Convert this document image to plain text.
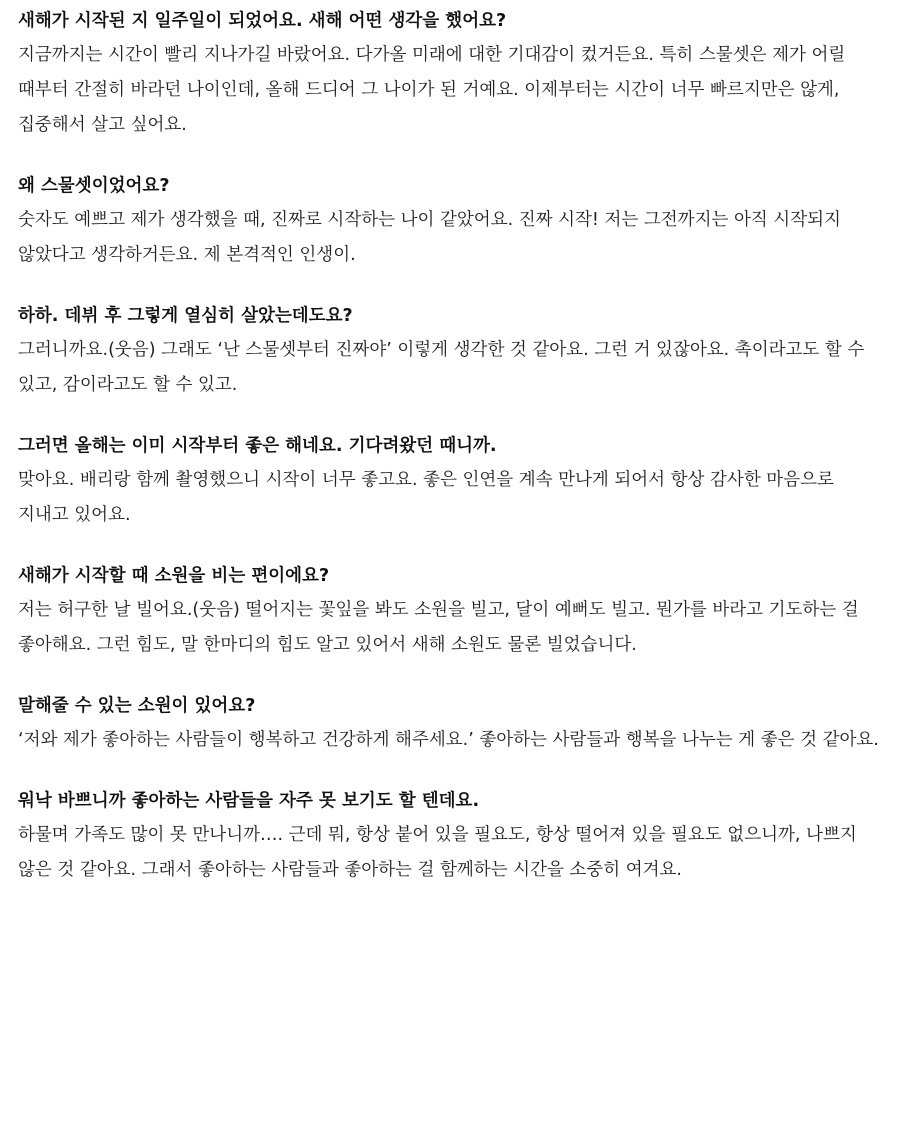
새해가 시작된 지 일주일이 되었어요. 새해 어떤 생각을 했어요?

지금까지는 시간이 빨리 지나가길 바랐어요. 다가올 미래에 대한 기대감이 컸거든요. 특히 스물셋은 제가 어릴 때부터 간절히 바라던 나이인데, 올해 드디어 그 나이가 된 거예요. 이제부터는 시간이 너무 빠르지만은 않게, 집중해서 살고 싶어요.

왜 스물셋이었어요?

숫자도 예쁘고 제가 생각했을 때, 진짜로 시작하는 나이 같았어요. 진짜 시작! 저는 그전까지는 아직 시작되지 않았다고 생각하거든요. 제 본격적인 인생이.

하하. 데뷔 후 그렇게 열심히 살았는데도요?

그러니까요.(웃음) 그래도 ‘난 스물셋부터 진짜야’ 이렇게 생각한 것 같아요. 그런 거 있잖아요. 촉이라고도 할 수 있고, 감이라고도 할 수 있고.

그러면 올해는 이미 시작부터 좋은 해네요. 기다려왔던 때니까.

맞아요. 배리랑 함께 촬영했으니 시작이 너무 좋고요. 좋은 인연을 계속 만나게 되어서 항상 감사한 마음으로 지내고 있어요.

새해가 시작할 때 소원을 비는 편이에요?

저는 허구한 날 빌어요.(웃음) 떨어지는 꽃잎을 봐도 소원을 빌고, 달이 예뻐도 빌고. 뭔가를 바라고 기도하는 걸 좋아해요. 그런 힘도, 말 한마디의 힘도 알고 있어서 새해 소원도 물론 빌었습니다.

말해줄 수 있는 소원이 있어요?

‘저와 제가 좋아하는 사람들이 행복하고 건강하게 해주세요.’ 좋아하는 사람들과 행복을 나누는 게 좋은 것 같아요.

워낙 바쁘니까 좋아하는 사람들을 자주 못 보기도 할 텐데요.

하물며 가족도 많이 못 만나니까…. 근데 뭐, 항상 붙어 있을 필요도, 항상 떨어져 있을 필요도 없으니까, 나쁘지 않은 것 같아요. 그래서 좋아하는 사람들과 좋아하는 걸 함께하는 시간을 소중히 여겨요.
